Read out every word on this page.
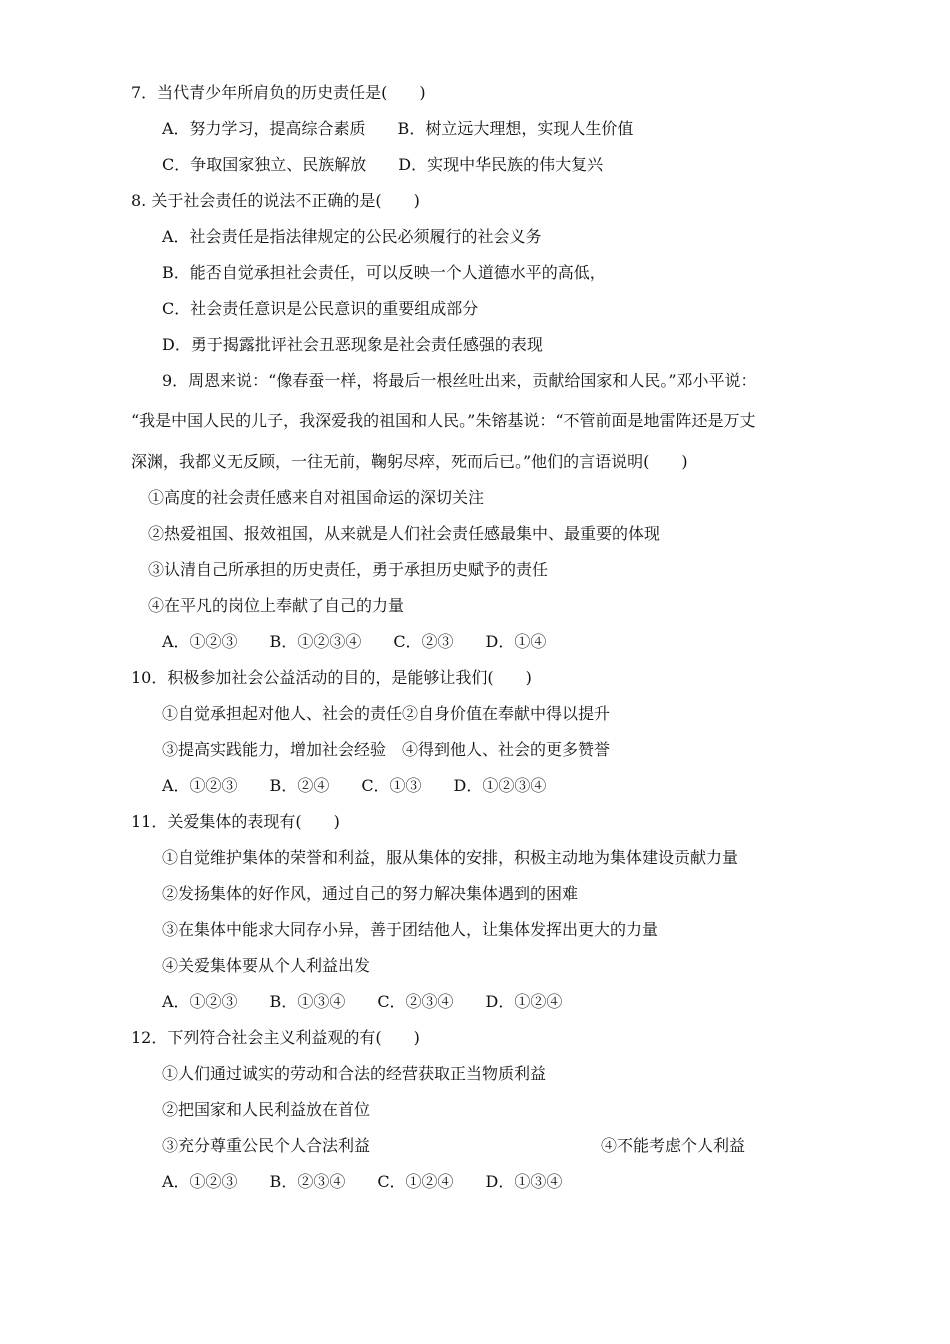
7．当代青少年所肩负的历史责任是(　　)
A．努力学习，提高综合素质　　B．树立远大理想，实现人生价值
C．争取国家独立、民族解放　　D．实现中华民族的伟大复兴
8. 关于社会责任的说法不正确的是(　　)
A．社会责任是指法律规定的公民必须履行的社会义务
B．能否自觉承担社会责任，可以反映一个人道德水平的高低，
C．社会责任意识是公民意识的重要组成部分
D．勇于揭露批评社会丑恶现象是社会责任感强的表现
9．周恩来说：“像春蚕一样，将最后一根丝吐出来，贡献给国家和人民。”邓小平说：
“我是中国人民的儿子，我深爱我的祖国和人民。”朱镕基说：“不管前面是地雷阵还是万丈
深渊，我都义无反顾，一往无前，鞠躬尽瘁，死而后已。”他们的言语说明(　　)
①高度的社会责任感来自对祖国命运的深切关注
②热爱祖国、报效祖国，从来就是人们社会责任感最集中、最重要的体现
③认清自己所承担的历史责任，勇于承担历史赋予的责任
④在平凡的岗位上奉献了自己的力量
A．①②③　　B．①②③④　　C．②③　　D．①④
10．积极参加社会公益活动的目的，是能够让我们(　　)
①自觉承担起对他人、社会的责任②自身价值在奉献中得以提升
③提高实践能力，增加社会经验　④得到他人、社会的更多赞誉
A．①②③　　B．②④　　C．①③　　D．①②③④
11．关爱集体的表现有(　　)
①自觉维护集体的荣誉和利益，服从集体的安排，积极主动地为集体建设贡献力量
②发扬集体的好作风，通过自己的努力解决集体遇到的困难
③在集体中能求大同存小异，善于团结他人，让集体发挥出更大的力量
④关爱集体要从个人利益出发
A．①②③　　B．①③④　　C．②③④　　D．①②④
12．下列符合社会主义利益观的有(　　)
①人们通过诚实的劳动和合法的经营获取正当物质利益
②把国家和人民利益放在首位
③充分尊重公民个人合法利益	④不能考虑个人利益
A．①②③　　B．②③④　　C．①②④　　D．①③④
